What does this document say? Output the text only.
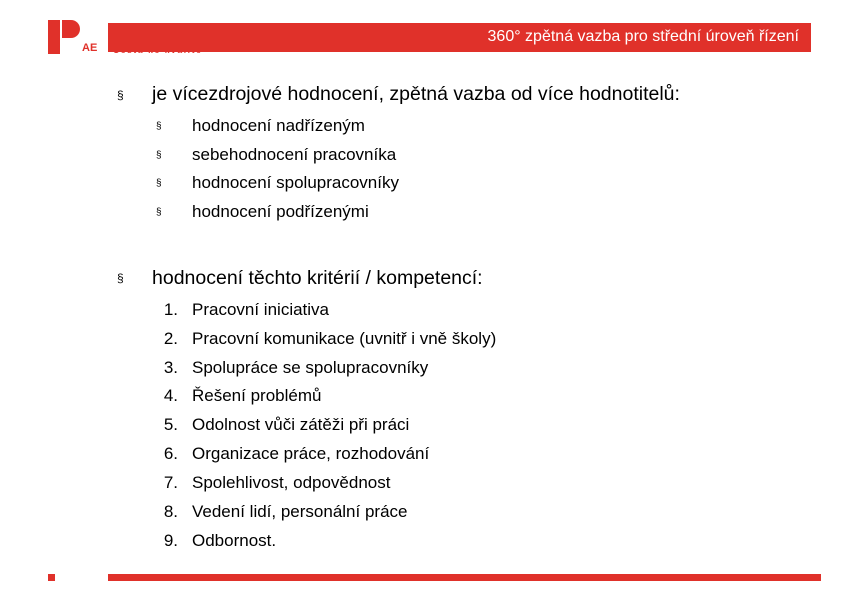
AE
360° zpětná vazba pro střední úroveň řízení
§ je vícezdrojové hodnocení, zpětná vazba od více hodnotitelů:
§ hodnocení nadřízeným
§ sebehodnocení pracovníka
§ hodnocení spolupracovníky
§ hodnocení podřízenými
§ hodnocení těchto kritérií / kompetencí:
1. Pracovní iniciativa
2. Pracovní komunikace (uvnitř i vně školy)
3. Spolupráce se spolupracovníky
4. Řešení problémů
5. Odolnost vůči zátěži při práci
6. Organizace práce, rozhodování
7. Spolehlivost, odpovědnost
8. Vedení lidí, personální práce
9. Odbornost.
